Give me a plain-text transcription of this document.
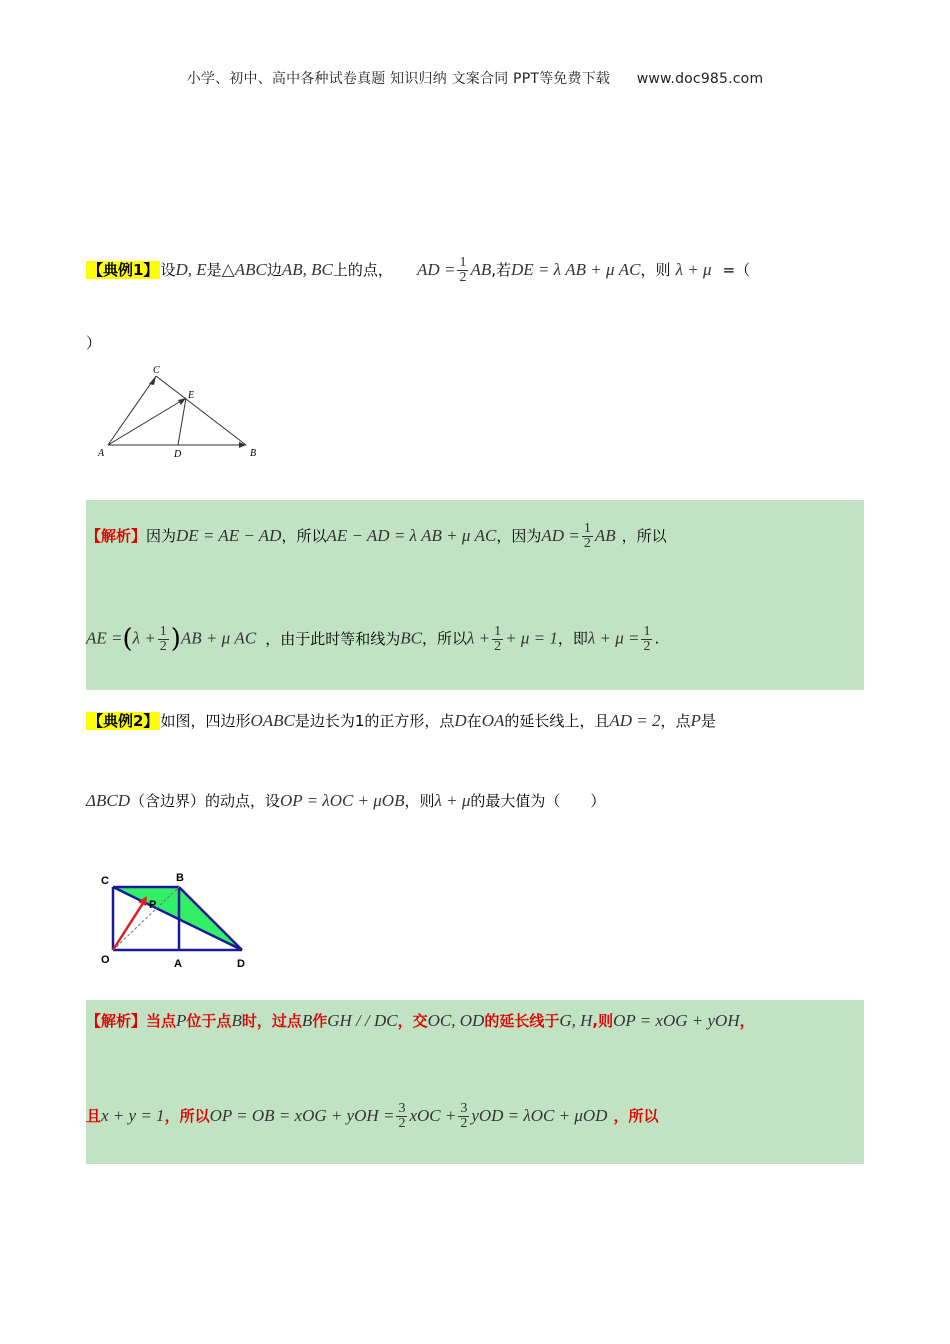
小学、初中、高中各种试卷真题 知识归纳 文案合同 PPT等免费下载 www.doc985.com
【典例1】 设D, E是△ABC边AB, BC上的点， AD = $\frac{1}{2}$ AB,若DE = λ AB + μ AC，则 λ + μ =（
）
A	B
C
D
E
【解析】因为DE = AE − AD，所以AE − AD = λ AB + μ AC，因为AD = $\frac{1}{2}$ AB ，所以
AE $=(\lambda + \frac{1}{2} )AB + \mu$ AC ，由于此时等和线为BC，所以$\lambda + \frac{1}{2} + \mu = 1$，即$\lambda + \mu = \frac{1}{2}$ .
【典例2】 如图，四边形OABC是边长为1的正方形，点D在OA的延长线上，且AD = 2，点P是
ΔBCD（含边界）的动点，设OP = λOC + μOB，则λ + μ的最大值为（　　）
C	B
O	A	D
P
【解析】当点P位于点B时，过点B作GH / / DC，交OC, OD的延长线于G, H,则OP = xOG + yOH，
且x + y = 1，所以OP = OB = xOG + yOH = $\frac{3}{2}$ xOC + $\frac{3}{2}$ yOD = λOC + μOD ，所以
